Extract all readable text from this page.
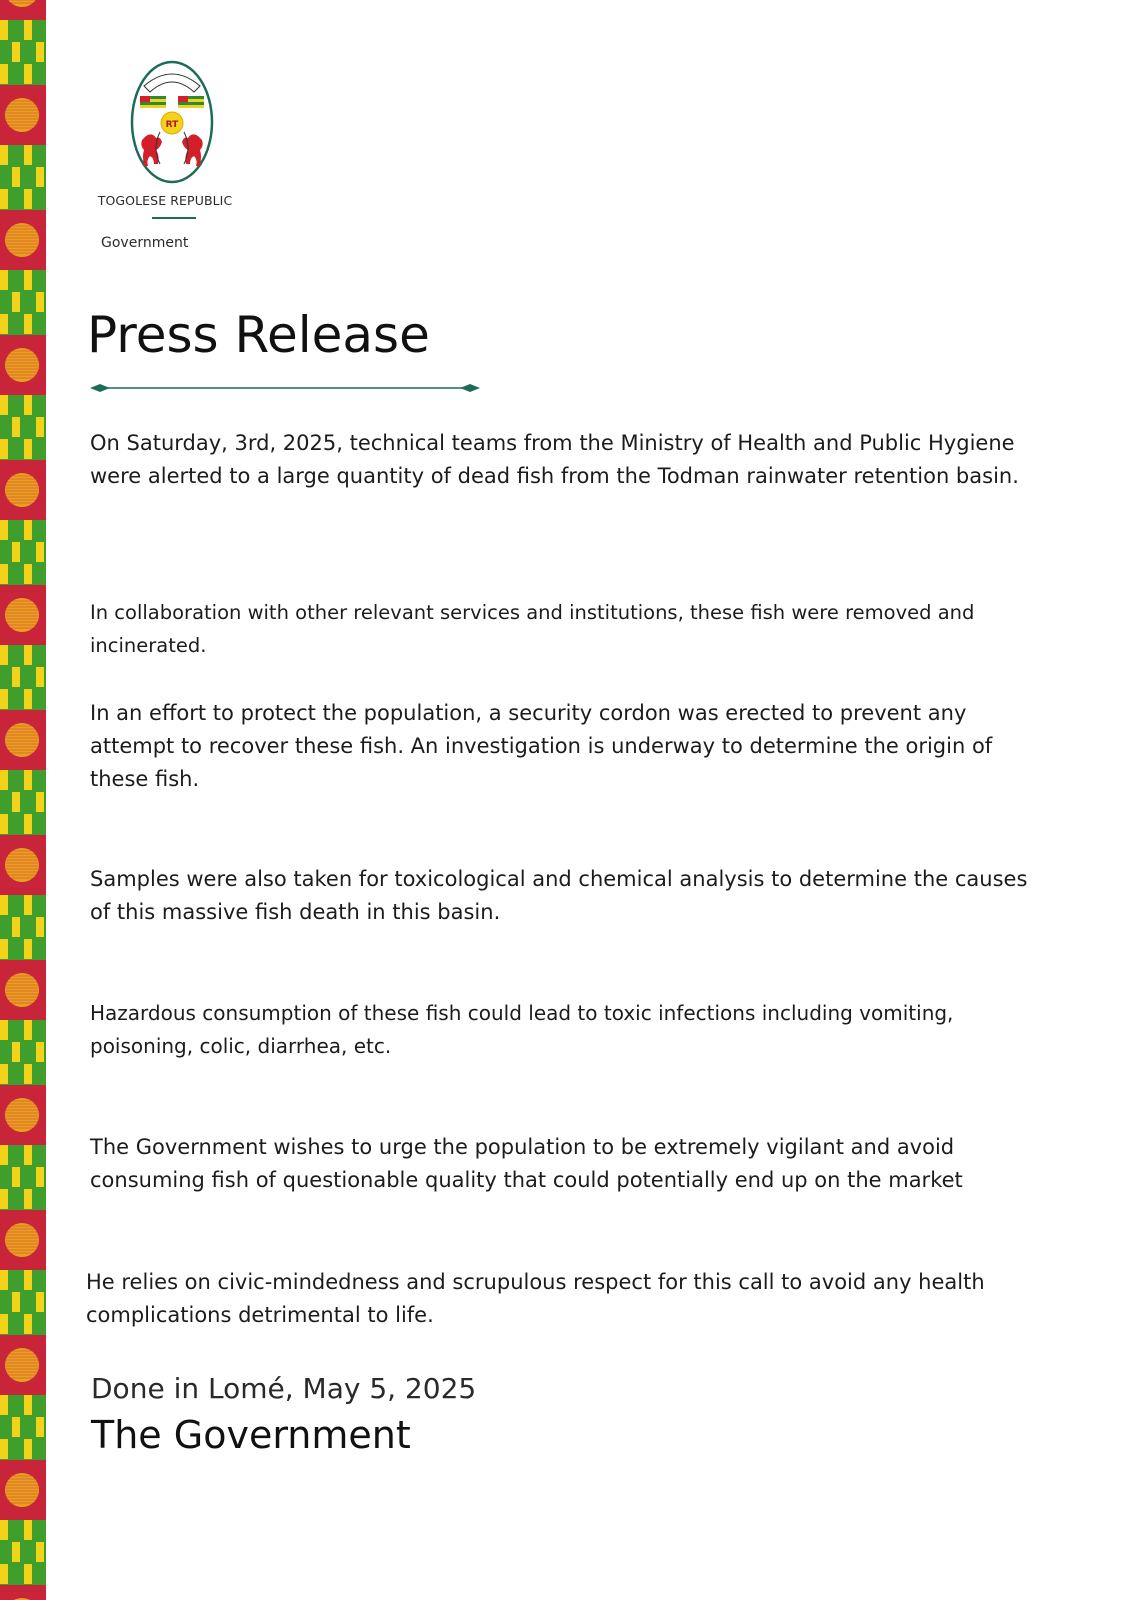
RT
TOGOLESE REPUBLIC
Government
Press Release

On Saturday, 3rd, 2025, technical teams from the Ministry of Health and Public Hygiene were alerted to a large quantity of dead fish from the Todman rainwater retention basin.

In collaboration with other relevant services and institutions, these fish were removed and incinerated.

In an effort to protect the population, a security cordon was erected to prevent any attempt to recover these fish. An investigation is underway to determine the origin of these fish.

Samples were also taken for toxicological and chemical analysis to determine the causes of this massive fish death in this basin.

Hazardous consumption of these fish could lead to toxic infections including vomiting, poisoning, colic, diarrhea, etc.

The Government wishes to urge the population to be extremely vigilant and avoid consuming fish of questionable quality that could potentially end up on the market

He relies on civic-mindedness and scrupulous respect for this call to avoid any health complications detrimental to life.

Done in Lomé, May 5, 2025
The Government
